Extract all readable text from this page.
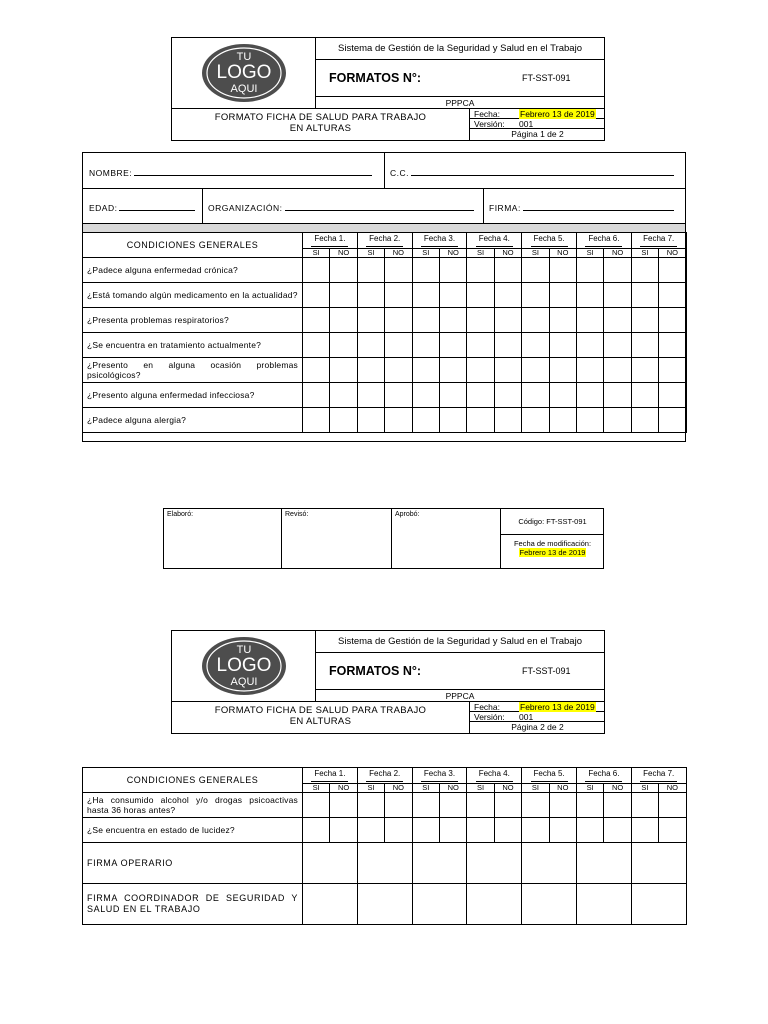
TU
LOGO
AQUI
Sistema de Gestión de la Seguridad y Salud en el Trabajo
FORMATOS N°:	FT-SST-091
PPPCA
FORMATO FICHA DE SALUD PARA TRABAJO
EN ALTURAS
Fecha: Febrero 13 de 2019
Versión: 001
Página 1 de 2
NOMBRE:	C.C.
EDAD:	ORGANIZACIÓN:	FIRMA:
CONDICIONES GENERALES	Fecha 1.		Fecha 2.		Fecha 3.		Fecha 4.		Fecha 5.		Fecha 6.		Fecha 7.	
	SI	NO	SI	NO	SI	NO	SI	NO	SI	NO	SI	NO	SI	NO
¿Padece alguna enfermedad crónica?														
¿Está tomando algún medicamento en la actualidad?														
¿Presenta problemas respiratorios?														
¿Se encuentra en tratamiento actualmente?														
¿Presento en alguna ocasión problemas psicológicos?														
¿Presento alguna enfermedad infecciosa?														
¿Padece alguna alergia?														
Elaboró:	Revisó:	Aprobó:
Código: FT-SST-091
Fecha de modificación:
Febrero 13 de 2019
TU
LOGO
AQUI
Sistema de Gestión de la Seguridad y Salud en el Trabajo
FORMATOS N°:	FT-SST-091
PPPCA
FORMATO FICHA DE SALUD PARA TRABAJO
EN ALTURAS
Fecha: Febrero 13 de 2019
Versión: 001
Página 2 de 2
CONDICIONES GENERALES	Fecha 1.		Fecha 2.		Fecha 3.		Fecha 4.		Fecha 5.		Fecha 6.		Fecha 7.	
	SI	NO	SI	NO	SI	NO	SI	NO	SI	NO	SI	NO	SI	NO
¿Ha consumido alcohol y/o drogas psicoactivas hasta 36 horas antes?														
¿Se encuentra en estado de lucidez?														
FIRMA OPERARIO														
FIRMA COORDINADOR DE SEGURIDAD Y SALUD EN EL TRABAJO														
